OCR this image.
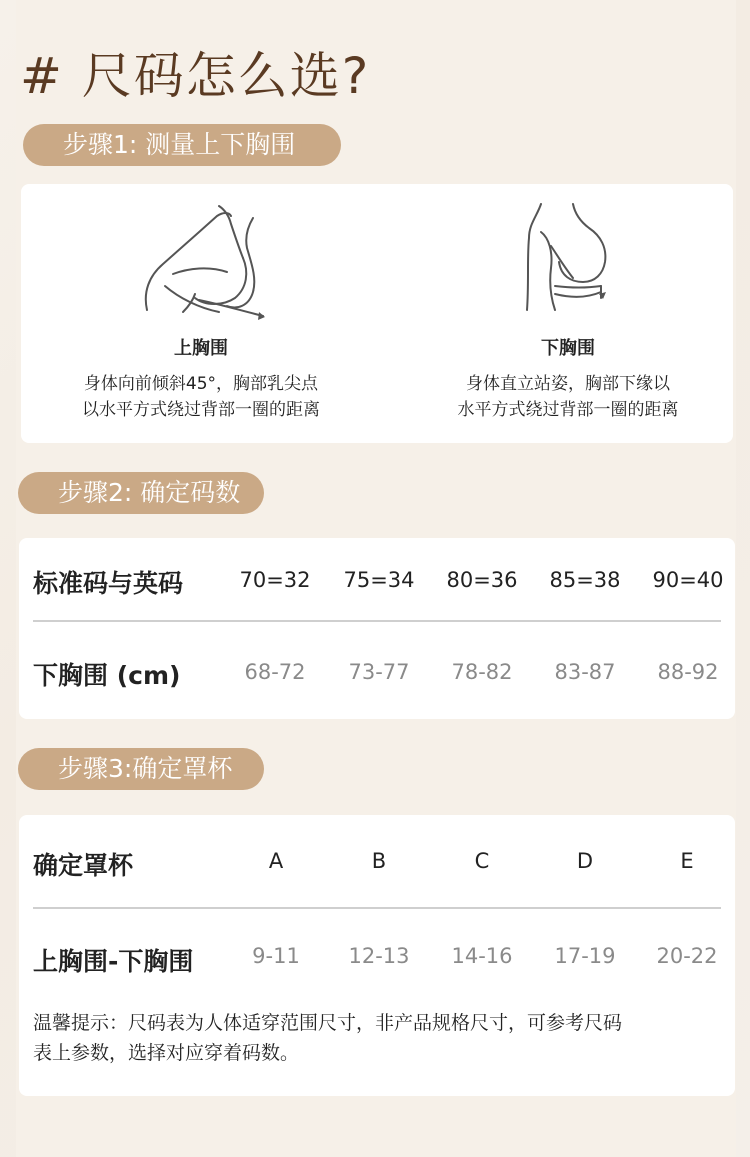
# 尺码怎么选?
步骤1: 测量上下胸围
上胸围
身体向前倾斜45°，胸部乳尖点
以水平方式绕过背部一圈的距离
下胸围
身体直立站姿，胸部下缘以
水平方式绕过背部一圈的距离
步骤2: 确定码数
标准码与英码	70=32	75=34	80=36	85=38	90=40
下胸围 (cm)	68-72	73-77	78-82	83-87	88-92
步骤3:确定罩杯
确定罩杯	A	B	C	D	E
上胸围-下胸围	9-11	12-13	14-16	17-19	20-22
温馨提示：尺码表为人体适穿范围尺寸，非产品规格尺寸，可参考尺码
表上参数，选择对应穿着码数。
